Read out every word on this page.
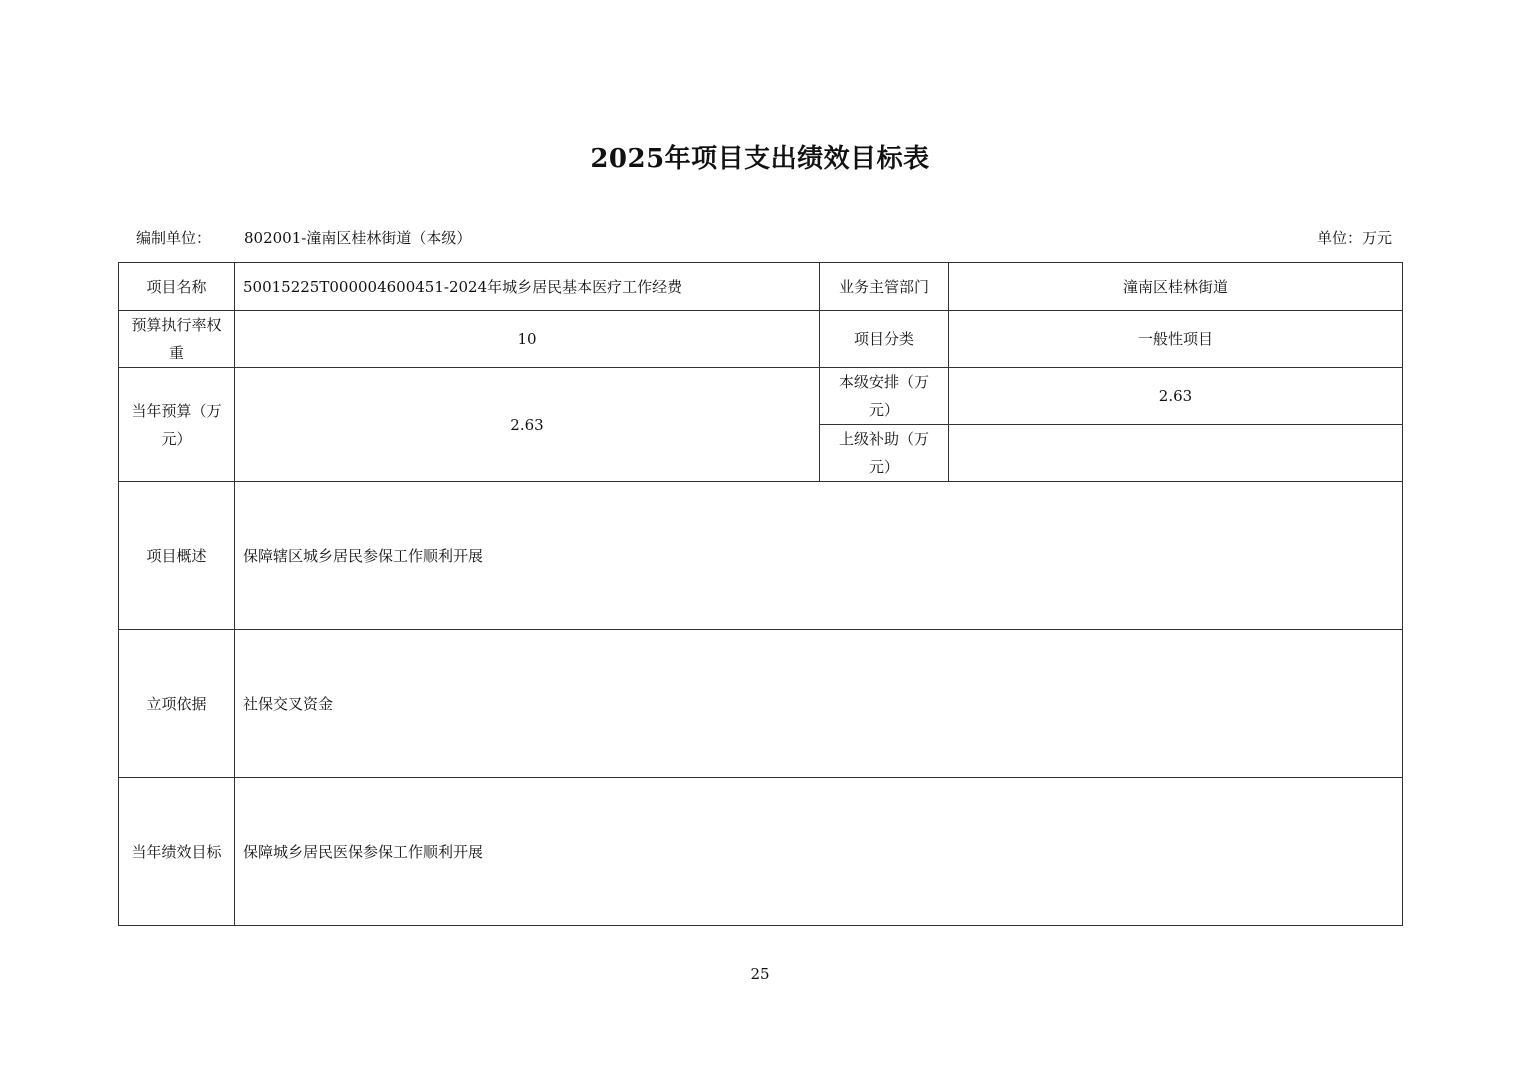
2025年项目支出绩效目标表
编制单位： 802001-潼南区桂林街道（本级）	单位：万元
项目名称	50015225T000004600451-2024年城乡居民基本医疗工作经费	业务主管部门	潼南区桂林街道
预算执行率权重	10	项目分类	一般性项目
当年预算（万元）	2.63	本级安排（万元）	2.63
		上级补助（万元）	
项目概述	保障辖区城乡居民参保工作顺利开展		
立项依据	社保交叉资金		
当年绩效目标	保障城乡居民医保参保工作顺利开展		
25
